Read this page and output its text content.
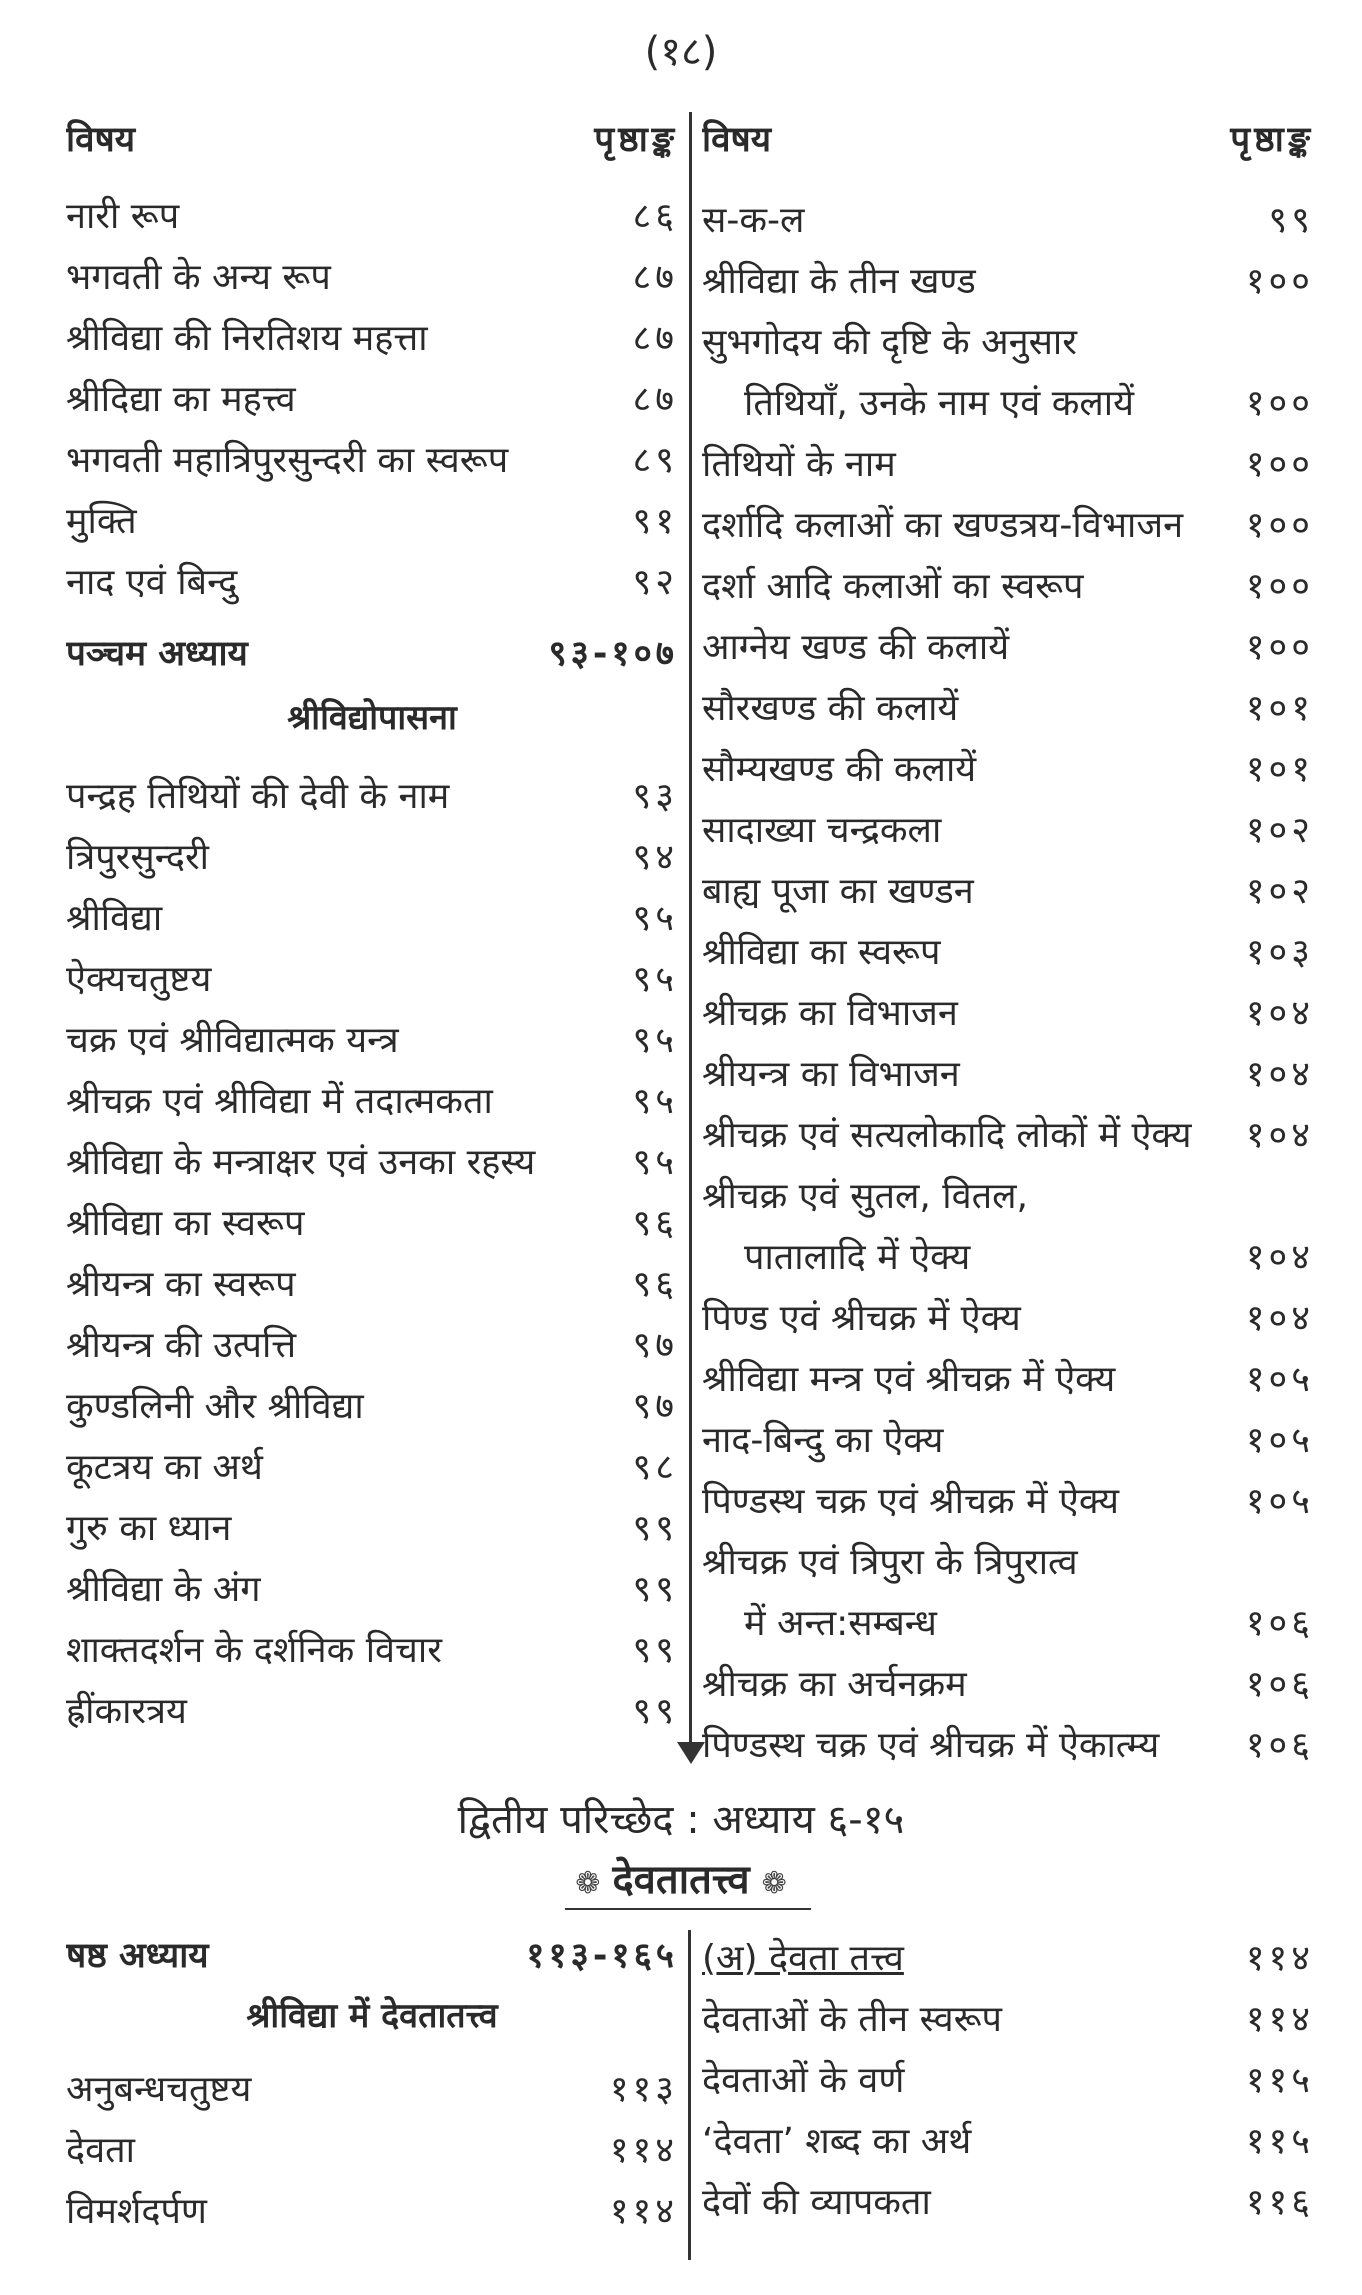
(१८)
विषय	पृष्ठाङ्क
नारी रूप	८६
भगवती के अन्य रूप	८७
श्रीविद्या की निरतिशय महत्ता	८७
श्रीदिद्या का महत्त्व	८७
भगवती महात्रिपुरसुन्दरी का स्वरूप	८९
मुक्ति	९१
नाद एवं बिन्दु	९२
पञ्चम अध्याय	९३-१०७
श्रीविद्योपासना
पन्द्रह तिथियों की देवी के नाम	९३
त्रिपुरसुन्दरी	९४
श्रीविद्या	९५
ऐक्यचतुष्टय	९५
चक्र एवं श्रीविद्यात्मक यन्त्र	९५
श्रीचक्र एवं श्रीविद्या में तदात्मकता	९५
श्रीविद्या के मन्त्राक्षर एवं उनका रहस्य	९५
श्रीविद्या का स्वरूप	९६
श्रीयन्त्र का स्वरूप	९६
श्रीयन्त्र की उत्पत्ति	९७
कुण्डलिनी और श्रीविद्या	९७
कूटत्रय का अर्थ	९८
गुरु का ध्यान	९९
श्रीविद्या के अंग	९९
शाक्तदर्शन के दर्शनिक विचार	९९
ह्रींकारत्रय	९९
विषय	पृष्ठाङ्क
स-क-ल	९९
श्रीविद्या के तीन खण्ड	१००
सुभगोदय की दृष्टि के अनुसार
तिथियाँ, उनके नाम एवं कलायें	१००
तिथियों के नाम	१००
दर्शादि कलाओं का खण्डत्रय-विभाजन	१००
दर्शा आदि कलाओं का स्वरूप	१००
आग्नेय खण्ड की कलायें	१००
सौरखण्ड की कलायें	१०१
सौम्यखण्ड की कलायें	१०१
सादाख्या चन्द्रकला	१०२
बाह्य पूजा का खण्डन	१०२
श्रीविद्या का स्वरूप	१०३
श्रीचक्र का विभाजन	१०४
श्रीयन्त्र का विभाजन	१०४
श्रीचक्र एवं सत्यलोकादि लोकों में ऐक्य	१०४
श्रीचक्र एवं सुतल, वितल,
पातालादि में ऐक्य	१०४
पिण्ड एवं श्रीचक्र में ऐक्य	१०४
श्रीविद्या मन्त्र एवं श्रीचक्र में ऐक्य	१०५
नाद-बिन्दु का ऐक्य	१०५
पिण्डस्थ चक्र एवं श्रीचक्र में ऐक्य	१०५
श्रीचक्र एवं त्रिपुरा के त्रिपुरात्व
में अन्त:सम्बन्ध	१०६
श्रीचक्र का अर्चनक्रम	१०६
पिण्डस्थ चक्र एवं श्रीचक्र में ऐकात्म्य	१०६
द्वितीय परिच्छेद : अध्याय ६-१५
❁ देवतातत्त्व ❁
षष्ठ अध्याय	११३-१६५
श्रीविद्या में देवतातत्त्व
अनुबन्धचतुष्टय	११३
देवता	११४
विमर्शदर्पण	११४
(अ) देवता तत्त्व	११४
देवताओं के तीन स्वरूप	११४
देवताओं के वर्ण	११५
‘देवता’ शब्द का अर्थ	११५
देवों की व्यापकता	११६
